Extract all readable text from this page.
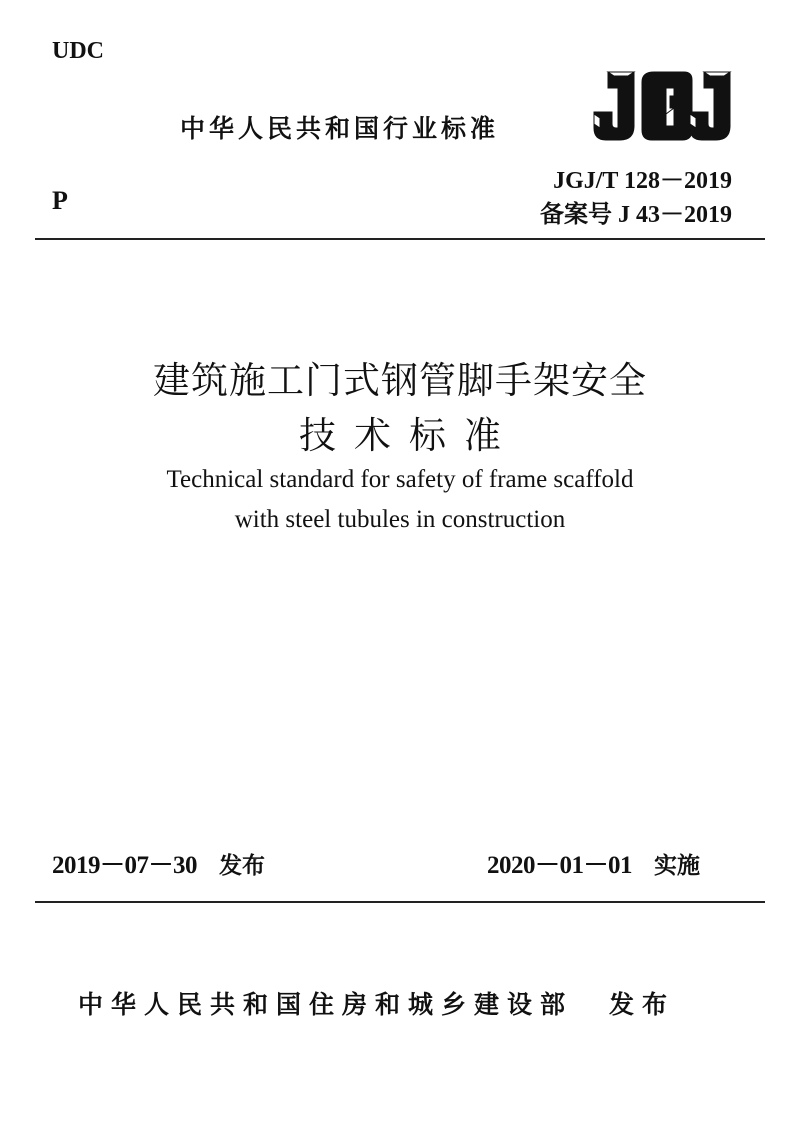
UDC
中华人民共和国行业标准
JGJ/T 128－2019
P	备案号 J 43－2019
建筑施工门式钢管脚手架安全
技术标准
Technical standard for safety of frame scaffold
with steel tubules in construction
2019－07－30 发布	2020－01－01 实施
中华人民共和国住房和城乡建设部 发布
